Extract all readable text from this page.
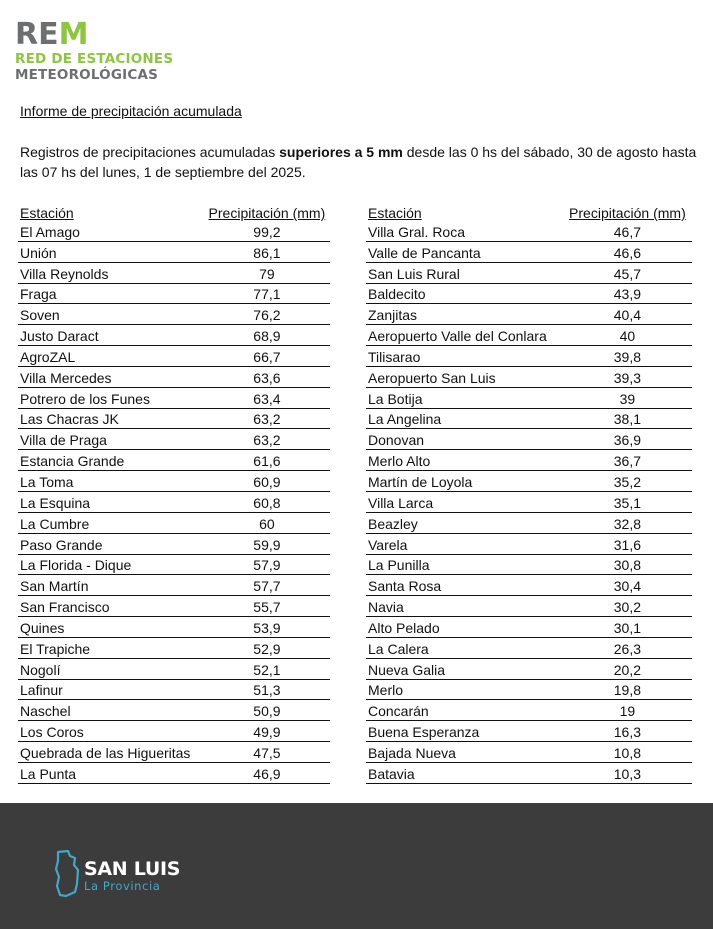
REM
RED DE ESTACIONES
METEOROLÓGICAS
Informe de precipitación acumulada
Registros de precipitaciones acumuladas superiores a 5 mm desde las 0 hs del sábado, 30 de agosto hasta las 07 hs del lunes, 1 de septiembre del 2025.
Estación	Precipitación (mm)
El Amago	99,2
Unión	86,1
Villa Reynolds	79
Fraga	77,1
Soven	76,2
Justo Daract	68,9
AgroZAL	66,7
Villa Mercedes	63,6
Potrero de los Funes	63,4
Las Chacras JK	63,2
Villa de Praga	63,2
Estancia Grande	61,6
La Toma	60,9
La Esquina	60,8
La Cumbre	60
Paso Grande	59,9
La Florida - Dique	57,9
San Martín	57,7
San Francisco	55,7
Quines	53,9
El Trapiche	52,9
Nogolí	52,1
Lafinur	51,3
Naschel	50,9
Los Coros	49,9
Quebrada de las Higueritas	47,5
La Punta	46,9
Estación	Precipitación (mm)
Villa Gral. Roca	46,7
Valle de Pancanta	46,6
San Luis Rural	45,7
Baldecito	43,9
Zanjitas	40,4
Aeropuerto Valle del Conlara	40
Tilisarao	39,8
Aeropuerto San Luis	39,3
La Botija	39
La Angelina	38,1
Donovan	36,9
Merlo Alto	36,7
Martín de Loyola	35,2
Villa Larca	35,1
Beazley	32,8
Varela	31,6
La Punilla	30,8
Santa Rosa	30,4
Navia	30,2
Alto Pelado	30,1
La Calera	26,3
Nueva Galia	20,2
Merlo	19,8
Concarán	19
Buena Esperanza	16,3
Bajada Nueva	10,8
Batavia	10,3
SAN LUIS
La Provincia
